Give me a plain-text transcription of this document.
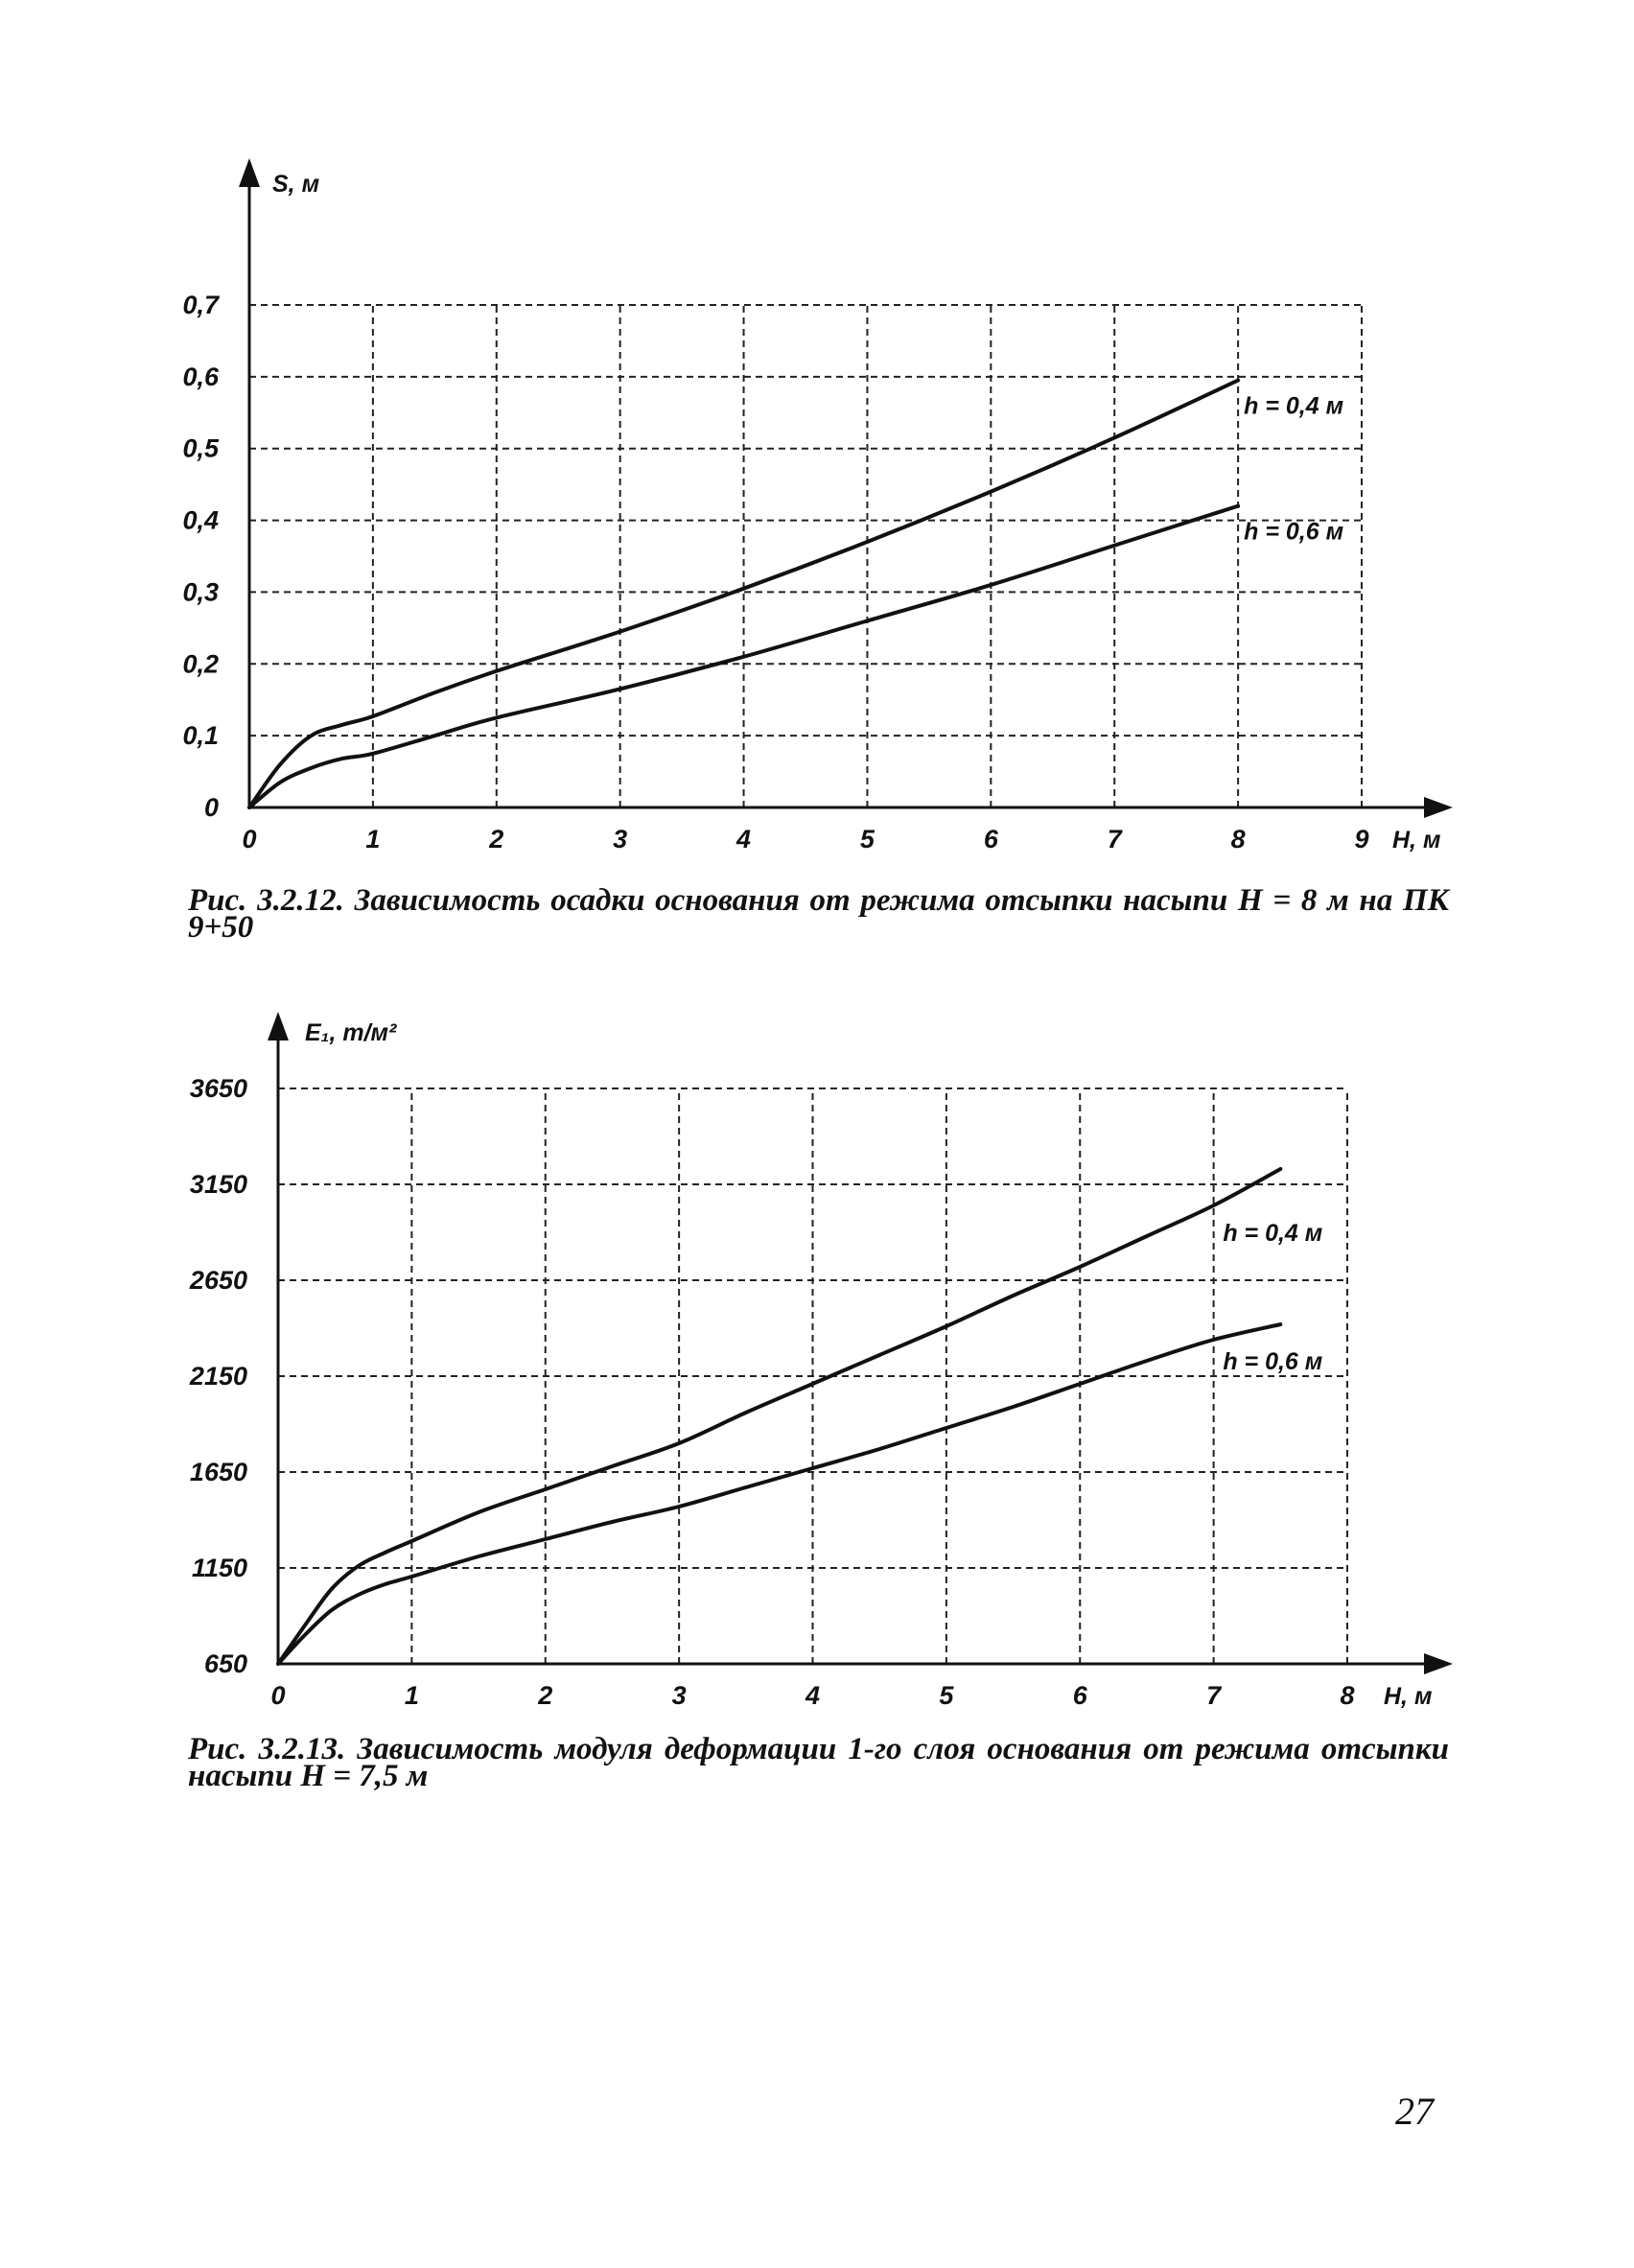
0	1	2	3	4	5	6	7	8	9
0
0,1
0,2
0,3
0,4
0,5
0,6
0,7
S, м
H, м
h = 0,4 м
h = 0,6 м

Рис. 3.2.12. Зависимость осадки основания от режима отсыпки насыпи H = 8 м на ПК 9+50

0	1	2	3	4	5	6	7	8
650
1150
1650
2150
2650
3150
3650
E₁, т/м²
H, м
h = 0,4 м
h = 0,6 м

Рис. 3.2.13. Зависимость модуля деформации 1-го слоя основания от режима отсыпки насыпи H = 7,5 м

27
